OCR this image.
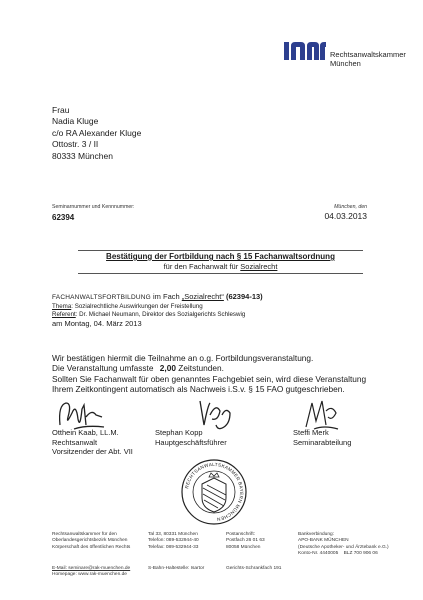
Rechtsanwaltskammer
München
Frau
Nadia Kluge
c/o RA Alexander Kluge
Ottostr. 3 / II
80333 München
Seminarnummer und Kennnummer:
62394
München, den
04.03.2013
Bestätigung der Fortbildung nach § 15 Fachanwaltsordnung
für den Fachanwalt für Sozialrecht
FACHANWALTSFORTBILDUNG im Fach „Sozialrecht“ (62394-13)
Thema: Sozialrechtliche Auswirkungen der Freistellung
Referent: Dr. Michael Neumann, Direktor des Sozialgerichts Schleswig
am Montag, 04. März 2013
Wir bestätigen hiermit die Teilnahme an o.g. Fortbildungsveranstaltung.
Die Veranstaltung umfasste 2,00 Zeitstunden.
Sollten Sie Fachanwalt für oben genanntes Fachgebiet sein, wird diese Veranstaltung
Ihrem Zeitkontingent automatisch als Nachweis i.S.v. § 15 FAO gutgeschrieben.
Otthein Kaab, LL.M.
Rechtsanwalt
Vorsitzender der Abt. VII
Stephan Kopp
Hauptgeschäftsführer
Steffi Merk
Seminarabteilung
RECHTSANWALTSKAMMER BAYERN MÜNCHEN
Rechtsanwaltskammer für den
Oberlandesgerichtsbezirk München
Körperschaft des öffentlichen Rechts
Tal 33, 80331 München
Telefon: 089-532944-40
Telefax: 089-532944-33
Postanschrift:
Postfach 26 01 63
80058 München
Bankverbindung:
APO-BANK MÜNCHEN
(Deutsche Apotheker- und Ärztebank e.G.)
Konto-Nr. 4440005    BLZ 700 906 06
E-Mail: seminare@rak-muenchen.de
Homepage: www.rak-muenchen.de
S-Bahn-Haltestelle: Isartor	Gerichts-Schrankfach 191
